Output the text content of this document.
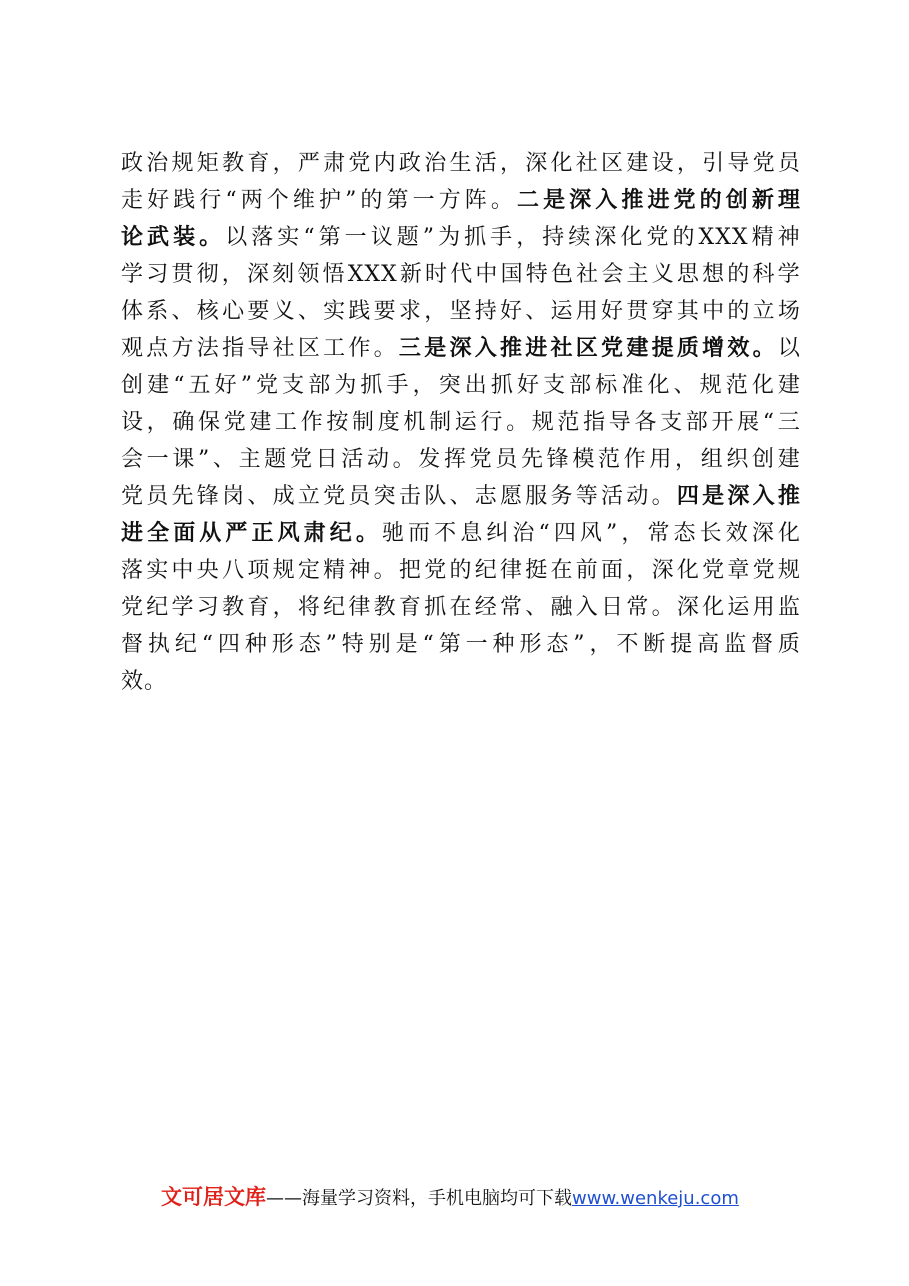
政 治 规 矩 教 育 ， 严 肃 党 内 政 治 生 活 ， 深 化 社 区 建 设 ， 引 导 党 员
走 好 践 行 “ 两 个 维 护 ” 的 第 一 方 阵 。 二 是 深 入 推 进 党 的 创 新 理
论 武 装 。 以 落 实 “ 第 一 议 题 ” 为 抓 手 ， 持 续 深 化 党 的 XXX 精 神
学 习 贯 彻 ， 深 刻 领 悟 XXX 新 时 代 中 国 特 色 社 会 主 义 思 想 的 科 学
体 系 、 核 心 要 义 、 实 践 要 求 ， 坚 持 好 、 运 用 好 贯 穿 其 中 的 立 场
观 点 方 法 指 导 社 区 工 作 。 三 是 深 入 推 进 社 区 党 建 提 质 增 效 。 以
创 建 “ 五 好 ” 党 支 部 为 抓 手 ， 突 出 抓 好 支 部 标 准 化 、 规 范 化 建
设 ， 确 保 党 建 工 作 按 制 度 机 制 运 行 。 规 范 指 导 各 支 部 开 展 “ 三
会 一 课 ” 、 主 题 党 日 活 动 。 发 挥 党 员 先 锋 模 范 作 用 ， 组 织 创 建
党 员 先 锋 岗 、 成 立 党 员 突 击 队 、 志 愿 服 务 等 活 动 。 四 是 深 入 推
进 全 面 从 严 正 风 肃 纪 。 驰 而 不 息 纠 治 “ 四 风 ” ， 常 态 长 效 深 化
落 实 中 央 八 项 规 定 精 神 。 把 党 的 纪 律 挺 在 前 面 ， 深 化 党 章 党 规
党 纪 学 习 教 育 ， 将 纪 律 教 育 抓 在 经 常 、 融 入 日 常 。 深 化 运 用 监
督 执 纪 “ 四 种 形 态 ” 特 别 是 “ 第 一 种 形 态 ” ， 不 断 提 高 监 督 质
效。
文可居文库——海量学习资料，手机电脑均可下载www.wenkeju.com
